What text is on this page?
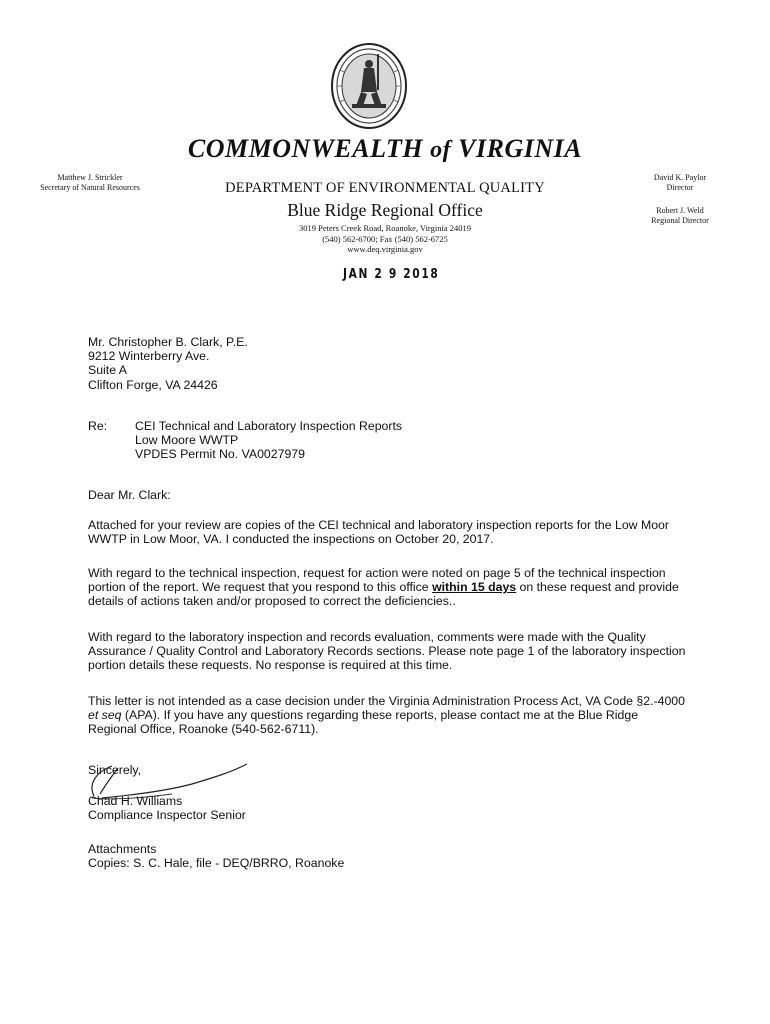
COMMONWEALTH of VIRGINIA
Matthew J. Strickler
Secretary of Natural Resources
David K. Paylor
Director
Robert J. Weld
Regional Director
DEPARTMENT OF ENVIRONMENTAL QUALITY
Blue Ridge Regional Office
3019 Peters Creek Road, Roanoke, Virginia 24019
(540) 562-6700; Fax (540) 562-6725
www.deq.virginia.gov
JAN 2 9 2018
Mr. Christopher B. Clark, P.E.
9212 Winterberry Ave.
Suite A
Clifton Forge, VA 24426
Re:	CEI Technical and Laboratory Inspection Reports
Low Moore WWTP
VPDES Permit No. VA0027979
Dear Mr. Clark:

Attached for your review are copies of the CEI technical and laboratory inspection reports for the Low Moor WWTP in Low Moor, VA. I conducted the inspections on October 20, 2017.

With regard to the technical inspection, request for action were noted on page 5 of the technical inspection portion of the report. We request that you respond to this office within 15 days on these request and provide details of actions taken and/or proposed to correct the deficiencies..

With regard to the laboratory inspection and records evaluation, comments were made with the Quality Assurance / Quality Control and Laboratory Records sections. Please note page 1 of the laboratory inspection portion details these requests. No response is required at this time.

This letter is not intended as a case decision under the Virginia Administration Process Act, VA Code §2.-4000 et seq (APA). If you have any questions regarding these reports, please contact me at the Blue Ridge Regional Office, Roanoke (540-562-6711).

Sincerely,
Chad H. Williams
Compliance Inspector Senior
Attachments
Copies: S. C. Hale, file - DEQ/BRRO, Roanoke
